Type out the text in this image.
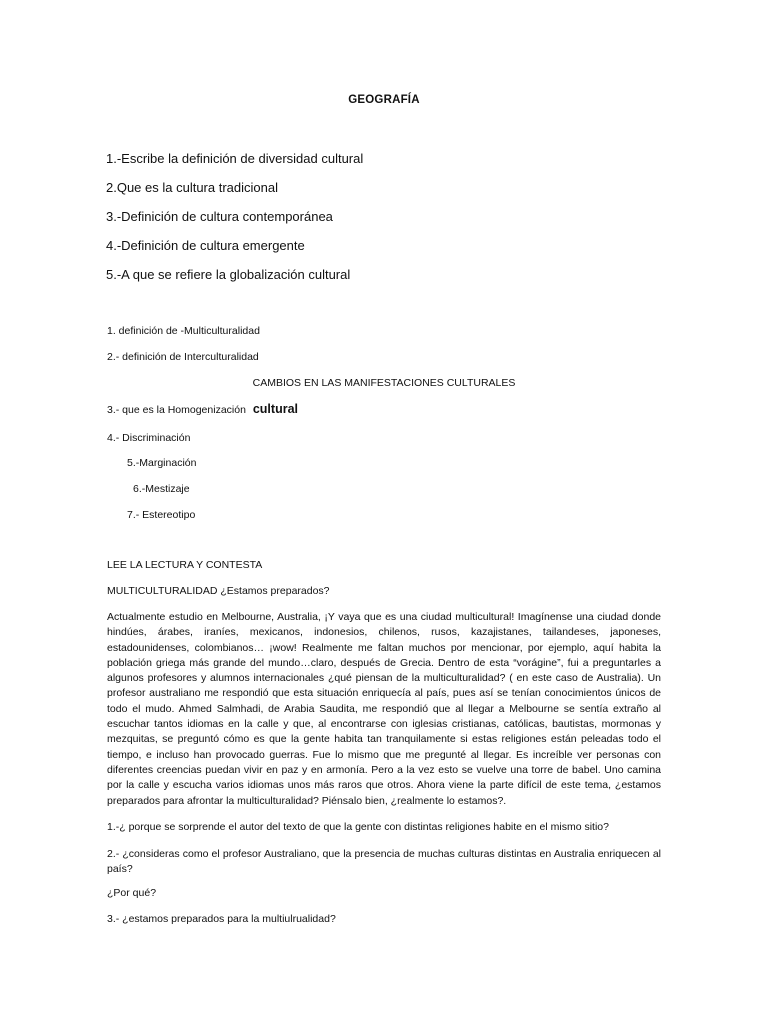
GEOGRAFÍA
1.-Escribe la definición de diversidad cultural
2.Que es la cultura tradicional
3.-Definición de cultura contemporánea
4.-Definición de cultura emergente
5.-A que se refiere la globalización cultural
1. definición de -Multiculturalidad
2.- definición de Interculturalidad
CAMBIOS EN LAS MANIFESTACIONES CULTURALES
3.- que es la Homogenización cultural
4.- Discriminación
5.-Marginación
6.-Mestizaje
7.- Estereotipo
LEE LA LECTURA Y CONTESTA
MULTICULTURALIDAD ¿Estamos preparados?
Actualmente estudio en Melbourne, Australia, ¡Y vaya que es una ciudad multicultural! Imagínense una ciudad donde hindúes, árabes, iraníes, mexicanos, indonesios, chilenos, rusos, kazajistanes, tailandeses, japoneses, estadounidenses, colombianos… ¡wow! Realmente me faltan muchos por mencionar, por ejemplo, aquí habita la población griega más grande del mundo…claro, después de Grecia. Dentro de esta “vorágine”, fui a preguntarles a algunos profesores y alumnos internacionales ¿qué piensan de la multiculturalidad? ( en este caso de Australia). Un profesor australiano me respondió que esta situación enriquecía al país, pues así se tenían conocimientos únicos de todo el mudo. Ahmed Salmhadi, de Arabia Saudita, me respondió que al llegar a Melbourne se sentía extraño al escuchar tantos idiomas en la calle y que, al encontrarse con iglesias cristianas, católicas, bautistas, mormonas y mezquitas, se preguntó cómo es que la gente habita tan tranquilamente si estas religiones están peleadas todo el tiempo, e incluso han provocado guerras. Fue lo mismo que me pregunté al llegar. Es increíble ver personas con diferentes creencias puedan vivir en paz y en armonía. Pero a la vez esto se vuelve una torre de babel. Uno camina por la calle y escucha varios idiomas unos más raros que otros. Ahora viene la parte difícil de este tema, ¿estamos preparados para afrontar la multiculturalidad? Piénsalo bien, ¿realmente lo estamos?.
1.-¿ porque se sorprende el autor del texto de que la gente con distintas religiones habite en el mismo sitio?
2.- ¿consideras como el profesor Australiano, que la presencia de muchas culturas distintas en Australia enriquecen al país?
¿Por qué?
3.- ¿estamos preparados para la multiulrualidad?
